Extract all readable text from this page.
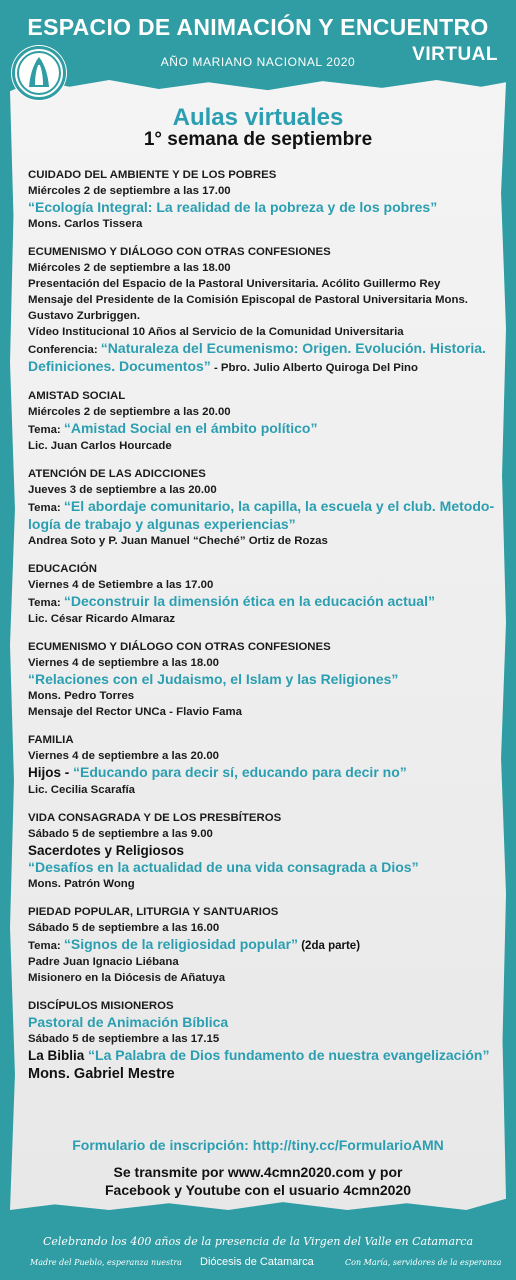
ESPACIO DE ANIMACIÓN Y ENCUENTRO
VIRTUAL
AÑO MARIANO NACIONAL 2020
Aulas virtuales
1° semana de septiembre
CUIDADO DEL AMBIENTE Y DE LOS POBRES
Miércoles 2 de septiembre a las 17.00
“Ecología Integral: La realidad de la pobreza y de los pobres”
Mons. Carlos Tissera
ECUMENISMO Y DIÁLOGO CON OTRAS CONFESIONES
Miércoles 2 de septiembre a las 18.00
Presentación del Espacio de la Pastoral Universitaria. Acólito Guillermo Rey
Mensaje del Presidente de la Comisión Episcopal de Pastoral Universitaria Mons.
Gustavo Zurbriggen.
Vídeo Institucional 10 Años al Servicio de la Comunidad Universitaria
Conferencia: “Naturaleza del Ecumenismo: Origen. Evolución. Historia.
Definiciones. Documentos” - Pbro. Julio Alberto Quiroga Del Pino
AMISTAD SOCIAL
Miércoles 2 de septiembre a las 20.00
Tema: “Amistad Social en el ámbito político”
Lic. Juan Carlos Hourcade
ATENCIÓN DE LAS ADICCIONES
Jueves 3 de septiembre a las 20.00
Tema: “El abordaje comunitario, la capilla, la escuela y el club. Metodo-
logía de trabajo y algunas experiencias”
Andrea Soto y P. Juan Manuel “Cheché” Ortiz de Rozas
EDUCACIÓN
Viernes 4 de Setiembre a las 17.00
Tema: “Deconstruir la dimensión ética en la educación actual”
Lic. César Ricardo Almaraz
ECUMENISMO Y DIÁLOGO CON OTRAS CONFESIONES
Viernes 4 de septiembre a las 18.00
“Relaciones con el Judaismo, el Islam y las Religiones”
Mons. Pedro Torres
Mensaje del Rector UNCa - Flavio Fama
FAMILIA
Viernes 4 de septiembre a las 20.00
Hijos - “Educando para decir sí, educando para decir no”
Lic. Cecilia Scarafía
VIDA CONSAGRADA Y DE LOS PRESBÍTEROS
Sábado 5 de septiembre a las 9.00
Sacerdotes y Religiosos
“Desafíos en la actualidad de una vida consagrada a Dios”
Mons. Patrón Wong
PIEDAD POPULAR, LITURGIA Y SANTUARIOS
Sábado 5 de septiembre a las 16.00
Tema: “Signos de la religiosidad popular” (2da parte)
Padre Juan Ignacio Liébana
Misionero en la Diócesis de Añatuya
DISCÍPULOS MISIONEROS
Pastoral de Animación Bíblica
Sábado 5 de septiembre a las 17.15
La Biblia “La Palabra de Dios fundamento de nuestra evangelización”
Mons. Gabriel Mestre
Formulario de inscripción: http://tiny.cc/FormularioAMN
Se transmite por www.4cmn2020.com y por
Facebook y Youtube con el usuario 4cmn2020
Celebrando los 400 años de la presencia de la Virgen del Valle en Catamarca
Madre del Pueblo, esperanza nuestra Diócesis de Catamarca	Con María, servidores de la esperanza
